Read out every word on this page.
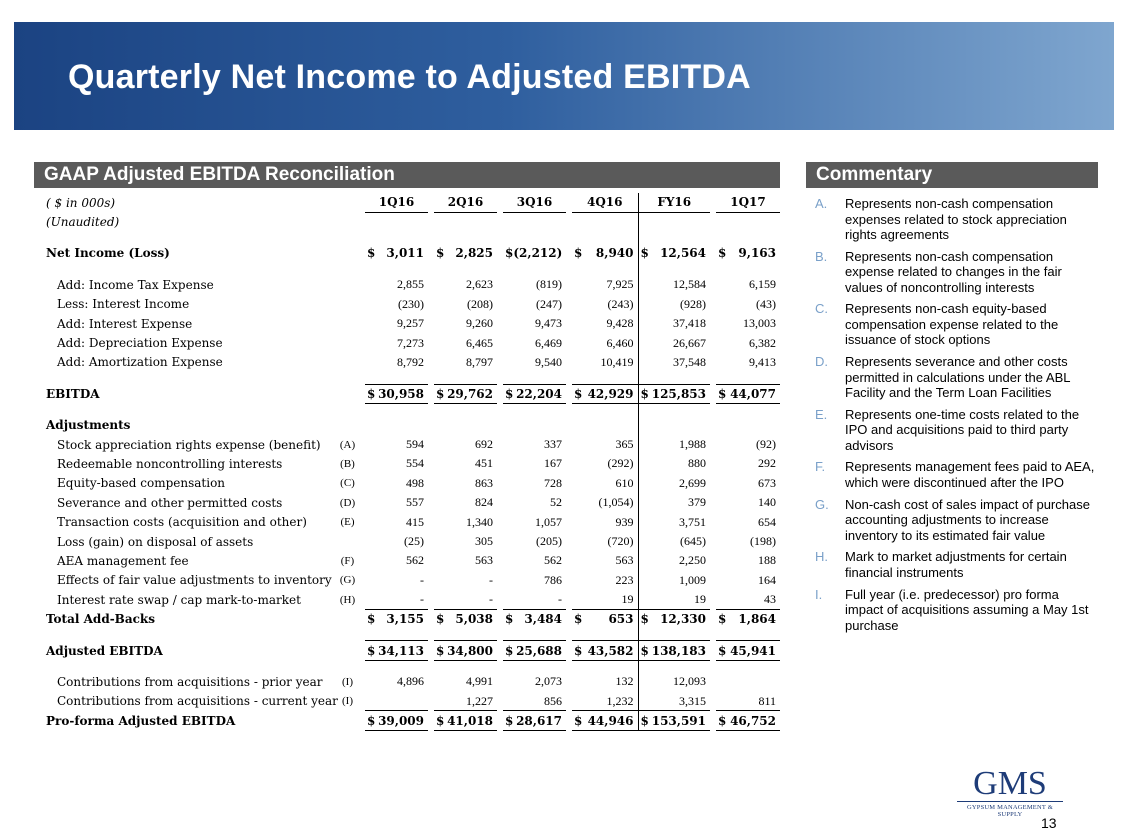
Quarterly Net Income to Adjusted EBITDA
GAAP Adjusted EBITDA Reconciliation	Commentary
( $ in 000s)		1Q16	2Q16	3Q16	4Q16	FY16	1Q17
(Unaudited)							

Net Income (Loss)		$ 3,011	$ 2,825	$ (2,212)	$ 8,940	$ 12,564	$ 9,163

Add: Income Tax Expense		2,855	2,623	(819)	7,925	12,584	6,159
Less: Interest Income		(230)	(208)	(247)	(243)	(928)	(43)
Add: Interest Expense		9,257	9,260	9,473	9,428	37,418	13,003
Add: Depreciation Expense		7,273	6,465	6,469	6,460	26,667	6,382
Add: Amortization Expense		8,792	8,797	9,540	10,419	37,548	9,413

EBITDA		$ 30,958	$ 29,762	$ 22,204	$ 42,929	$ 125,853	$ 44,077

Adjustments							
Stock appreciation rights expense (benefit)	(A)	594	692	337	365	1,988	(92)
Redeemable noncontrolling interests	(B)	554	451	167	(292)	880	292
Equity-based compensation	(C)	498	863	728	610	2,699	673
Severance and other permitted costs	(D)	557	824	52	(1,054)	379	140
Transaction costs (acquisition and other)	(E)	415	1,340	1,057	939	3,751	654
Loss (gain) on disposal of assets		(25)	305	(205)	(720)	(645)	(198)
AEA management fee	(F)	562	563	562	563	2,250	188
Effects of fair value adjustments to inventory	(G)	-	-	786	223	1,009	164
Interest rate swap / cap mark-to-market	(H)	-	-	-	19	19	43
Total Add-Backs		$ 3,155	$ 5,038	$ 3,484	$ 653	$ 12,330	$ 1,864

Adjusted EBITDA		$ 34,113	$ 34,800	$ 25,688	$ 43,582	$ 138,183	$ 45,941

Contributions from acquisitions - prior year	(I)	4,896	4,991	2,073	132	12,093	
Contributions from acquisitions - current year	(I)		1,227	856	1,232	3,315	811
Pro-forma Adjusted EBITDA		$ 39,009	$ 41,018	$ 28,617	$ 44,946	$ 153,591	$ 46,752
A.	Represents non-cash compensation expenses related to stock appreciation rights agreements
B.	Represents non-cash compensation expense related to changes in the fair values of noncontrolling interests
C.	Represents non-cash equity-based compensation expense related to the issuance of stock options
D.	Represents severance and other costs permitted in calculations under the ABL Facility and the Term Loan Facilities
E.	Represents one-time costs related to the IPO and acquisitions paid to third party advisors
F.	Represents management fees paid to AEA, which were discontinued after the IPO
G.	Non-cash cost of sales impact of purchase accounting adjustments to increase inventory to its estimated fair value
H.	Mark to market adjustments for certain financial instruments
I.	Full year (i.e. predecessor) pro forma impact of acquisitions assuming a May 1st purchase
GMS
GYPSUM MANAGEMENT & SUPPLY
13
